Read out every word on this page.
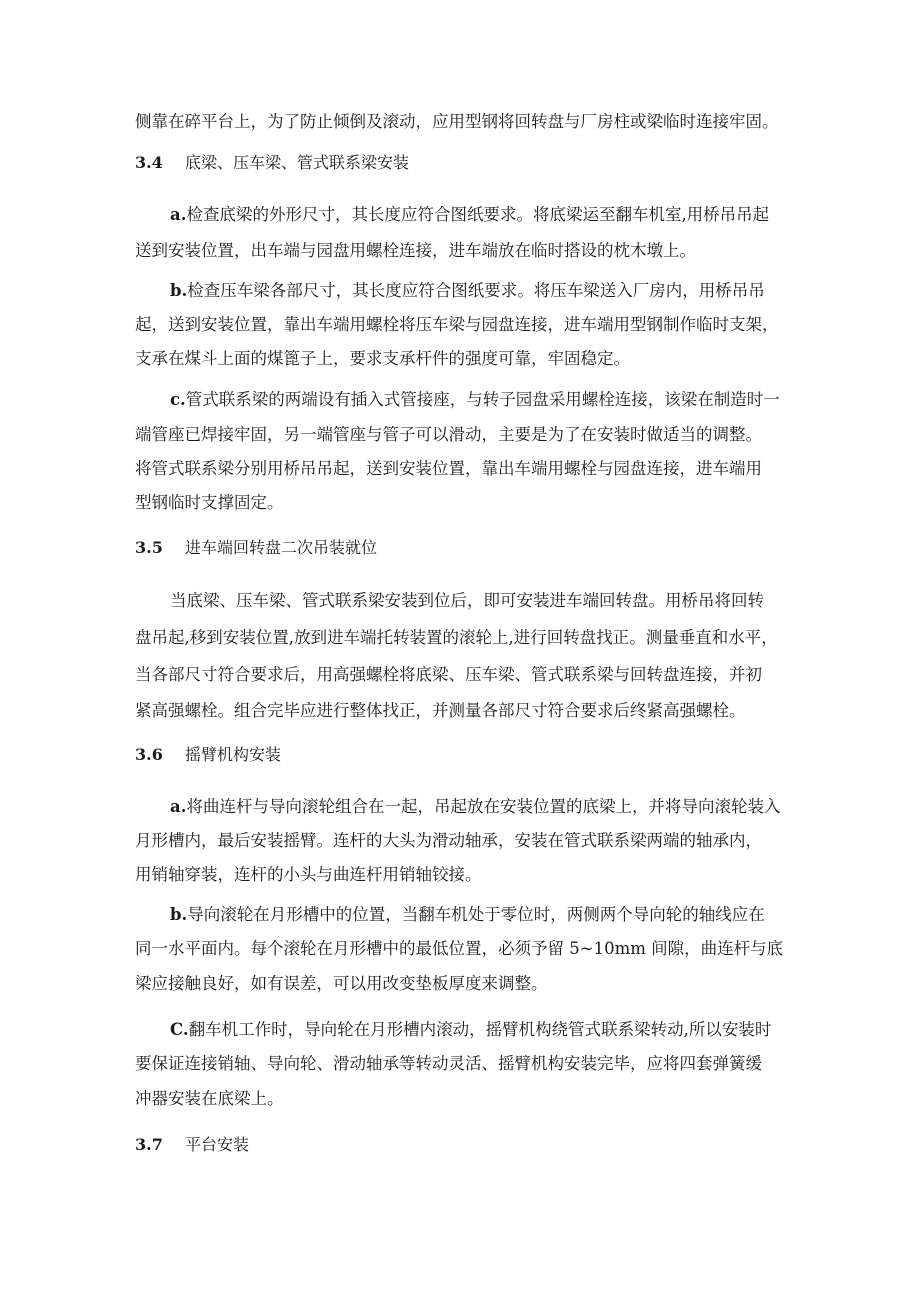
侧靠在碎平台上，为了防止倾倒及滚动，应用型钢将回转盘与厂房柱或梁临时连接牢固。
3.4 底梁、压车梁、管式联系梁安装
a.检查底梁的外形尺寸，其长度应符合图纸要求。将底梁运至翻车机室,用桥吊吊起
送到安装位置，出车端与园盘用螺栓连接，进车端放在临时搭设的枕木墩上。
b.检查压车梁各部尺寸，其长度应符合图纸要求。将压车梁送入厂房内，用桥吊吊
起，送到安装位置，靠出车端用螺栓将压车梁与园盘连接，进车端用型钢制作临时支架，
支承在煤斗上面的煤篦子上，要求支承杆件的强度可靠，牢固稳定。
c.管式联系梁的两端设有插入式管接座，与转子园盘采用螺栓连接，该梁在制造时一
端管座已焊接牢固，另一端管座与管子可以滑动，主要是为了在安装时做适当的调整。
将管式联系梁分别用桥吊吊起，送到安装位置，靠出车端用螺栓与园盘连接，进车端用
型钢临时支撑固定。
3.5 进车端回转盘二次吊装就位
当底梁、压车梁、管式联系梁安装到位后，即可安装进车端回转盘。用桥吊将回转
盘吊起,移到安装位置,放到进车端托转装置的滚轮上,进行回转盘找正。测量垂直和水平，
当各部尺寸符合要求后，用高强螺栓将底梁、压车梁、管式联系梁与回转盘连接，并初
紧高强螺栓。组合完毕应进行整体找正，并测量各部尺寸符合要求后终紧高强螺栓。
3.6 摇臂机构安装
a.将曲连杆与导向滚轮组合在一起，吊起放在安装位置的底梁上，并将导向滚轮装入
月形槽内，最后安装摇臂。连杆的大头为滑动轴承，安装在管式联系梁两端的轴承内，
用销轴穿装，连杆的小头与曲连杆用销轴铰接。
b.导向滚轮在月形槽中的位置，当翻车机处于零位时，两侧两个导向轮的轴线应在
同一水平面内。每个滚轮在月形槽中的最低位置，必须予留 5~10mm 间隙，曲连杆与底
梁应接触良好，如有误差，可以用改变垫板厚度来调整。
C.翻车机工作时，导向轮在月形槽内滚动，摇臂机构绕管式联系梁转动,所以安装时
要保证连接销轴、导向轮、滑动轴承等转动灵活、摇臂机构安装完毕，应将四套弹簧缓
冲器安装在底梁上。
3.7 平台安装
